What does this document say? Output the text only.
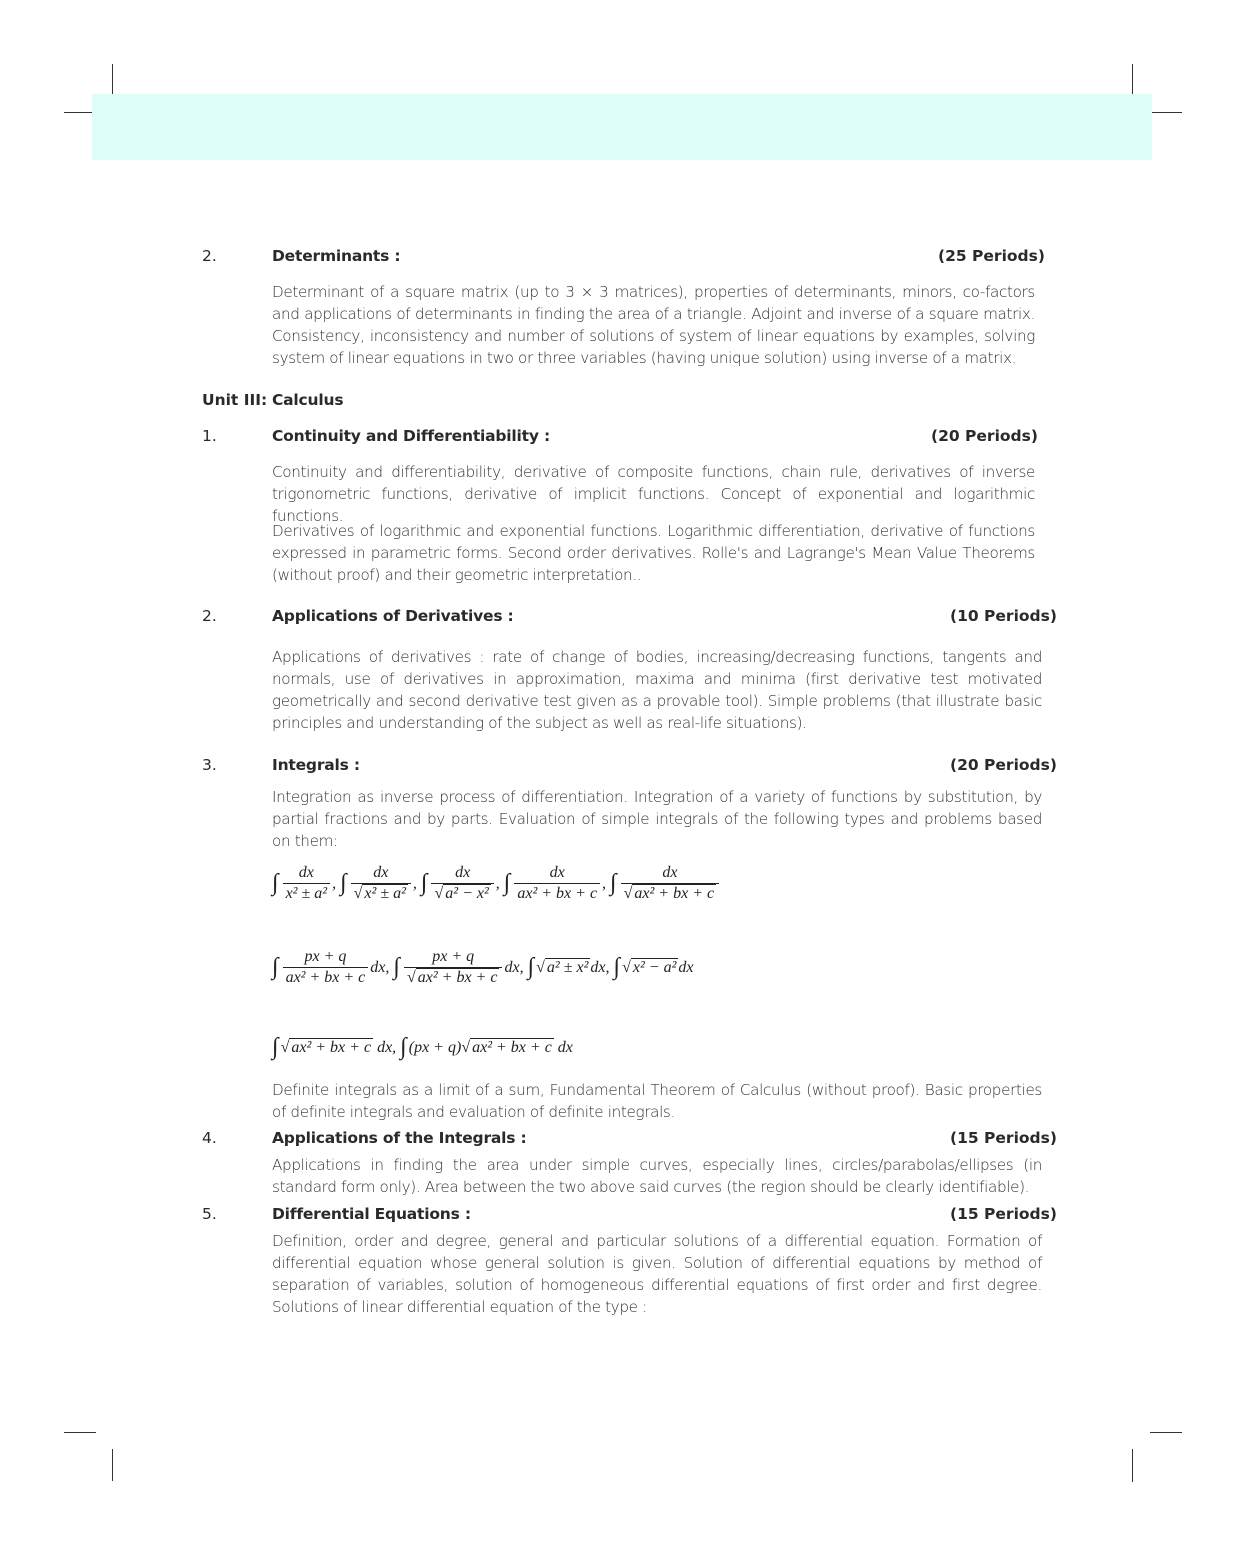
2.	Determinants :	(25 Periods)
Determinant of a square matrix (up to 3 × 3 matrices), properties of determinants, minors, co-factors and applications of determinants in finding the area of a triangle. Adjoint and inverse of a square matrix. Consistency, inconsistency and number of solutions of system of linear equations by examples, solving system of linear equations in two or three variables (having unique solution) using inverse of a matrix.
Unit III: Calculus
1.	Continuity and Differentiability :	(20 Periods)
Continuity and differentiability, derivative of composite functions, chain rule, derivatives of inverse trigonometric functions, derivative of implicit functions. Concept of exponential and logarithmic functions.
Derivatives of logarithmic and exponential functions. Logarithmic differentiation, derivative of functions expressed in parametric forms. Second order derivatives. Rolle's and Lagrange's Mean Value Theorems (without proof) and their geometric interpretation..
2.	Applications of Derivatives :	(10 Periods)
Applications of derivatives : rate of change of bodies, increasing/decreasing functions, tangents and normals, use of derivatives in approximation, maxima and minima (first derivative test motivated geometrically and second derivative test given as a provable tool). Simple problems (that illustrate basic principles and understanding of the subject as well as real-life situations).
3.	Integrals :	(20 Periods)
Integration as inverse process of differentiation. Integration of a variety of functions by substitution, by partial fractions and by parts. Evaluation of simple integrals of the following types and problems based on them:
∫ $\frac{dx}{\text{x² ± a²}}$ ,
∫ $\frac{dx}{\text{√ x² ± a²}}$ ,
∫ $\frac{dx}{\text{√ a² − x²}}$ ,
∫ $\frac{dx}{\text{ax² + bx + c}}$ ,
∫ $\frac{dx}{\text{√ ax² + bx + c}}$
∫ $\frac{px + q}{\text{ax² + bx + c}}$ dx ,
∫ $\frac{px + q}{\text{√ ax² + bx + c}}$ dx ,
∫ √ a² ± x² dx ,
∫ √ x² − a² dx
∫ √ ax² + bx + c
dx ,
∫ (px + q) √ ax² + bx + c
dx
Definite integrals as a limit of a sum, Fundamental Theorem of Calculus (without proof). Basic properties of definite integrals and evaluation of definite integrals.
4.	Applications of the Integrals :	(15 Periods)
Applications in finding the area under simple curves, especially lines, circles/parabolas/ellipses (in standard form only). Area between the two above said curves (the region should be clearly identifiable).
5.	Differential Equations :	(15 Periods)
Definition, order and degree, general and particular solutions of a differential equation. Formation of differential equation whose general solution is given. Solution of differential equations by method of separation of variables, solution of homogeneous differential equations of first order and first degree. Solutions of linear differential equation of the type :
